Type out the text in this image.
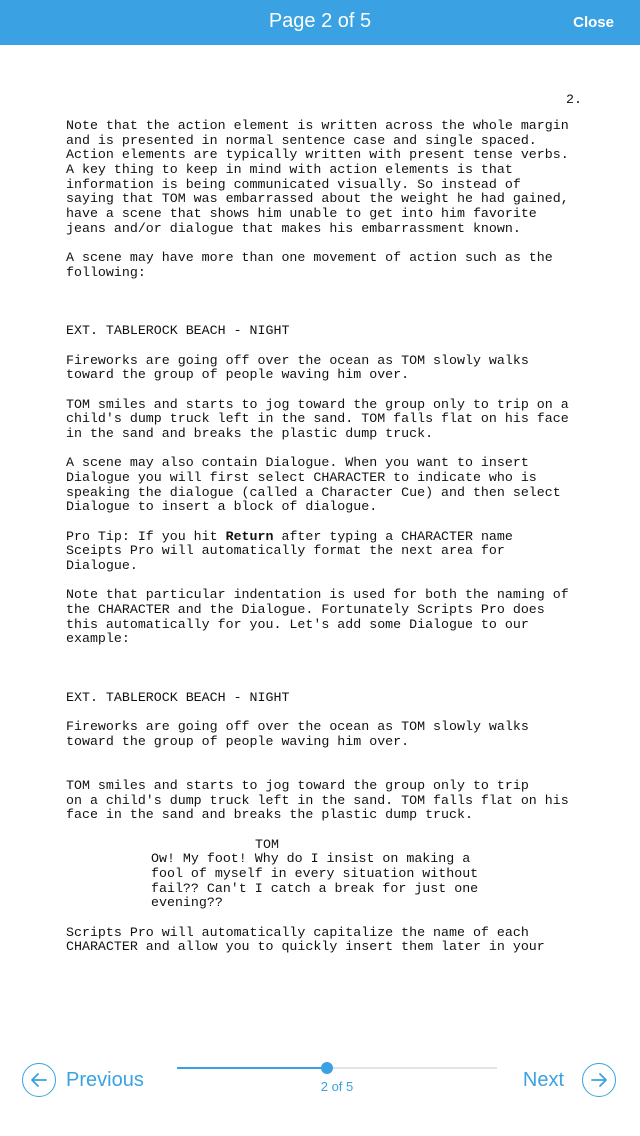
Page 2 of 5	Close
2.

Note that the action element is written across the whole margin

and is presented in normal sentence case and single spaced.

Action elements are typically written with present tense verbs.

A key thing to keep in mind with action elements is that

information is being communicated visually. So instead of

saying that TOM was embarrassed about the weight he had gained,

have a scene that shows him unable to get into him favorite

jeans and/or dialogue that makes his embarrassment known.

A scene may have more than one movement of action such as the

following:

EXT. TABLEROCK BEACH - NIGHT

Fireworks are going off over the ocean as TOM slowly walks

toward the group of people waving him over.

TOM smiles and starts to jog toward the group only to trip on a

child's dump truck left in the sand. TOM falls flat on his face

in the sand and breaks the plastic dump truck.

A scene may also contain Dialogue. When you want to insert

Dialogue you will first select CHARACTER to indicate who is

speaking the dialogue (called a Character Cue) and then select

Dialogue to insert a block of dialogue.

Pro Tip: If you hit Return after typing a CHARACTER name

Sceipts Pro will automatically format the next area for

Dialogue.

Note that particular indentation is used for both the naming of

the CHARACTER and the Dialogue. Fortunately Scripts Pro does

this automatically for you. Let's add some Dialogue to our

example:

EXT. TABLEROCK BEACH - NIGHT

Fireworks are going off over the ocean as TOM slowly walks

toward the group of people waving him over.

TOM smiles and starts to jog toward the group only to trip

on a child's dump truck left in the sand. TOM falls flat on his

face in the sand and breaks the plastic dump truck.

TOM

Ow! My foot! Why do I insist on making a

fool of myself in every situation without

fail?? Can't I catch a break for just one

evening??

Scripts Pro will automatically capitalize the name of each

CHARACTER and allow you to quickly insert them later in your

Previous	2 of 5	Next
